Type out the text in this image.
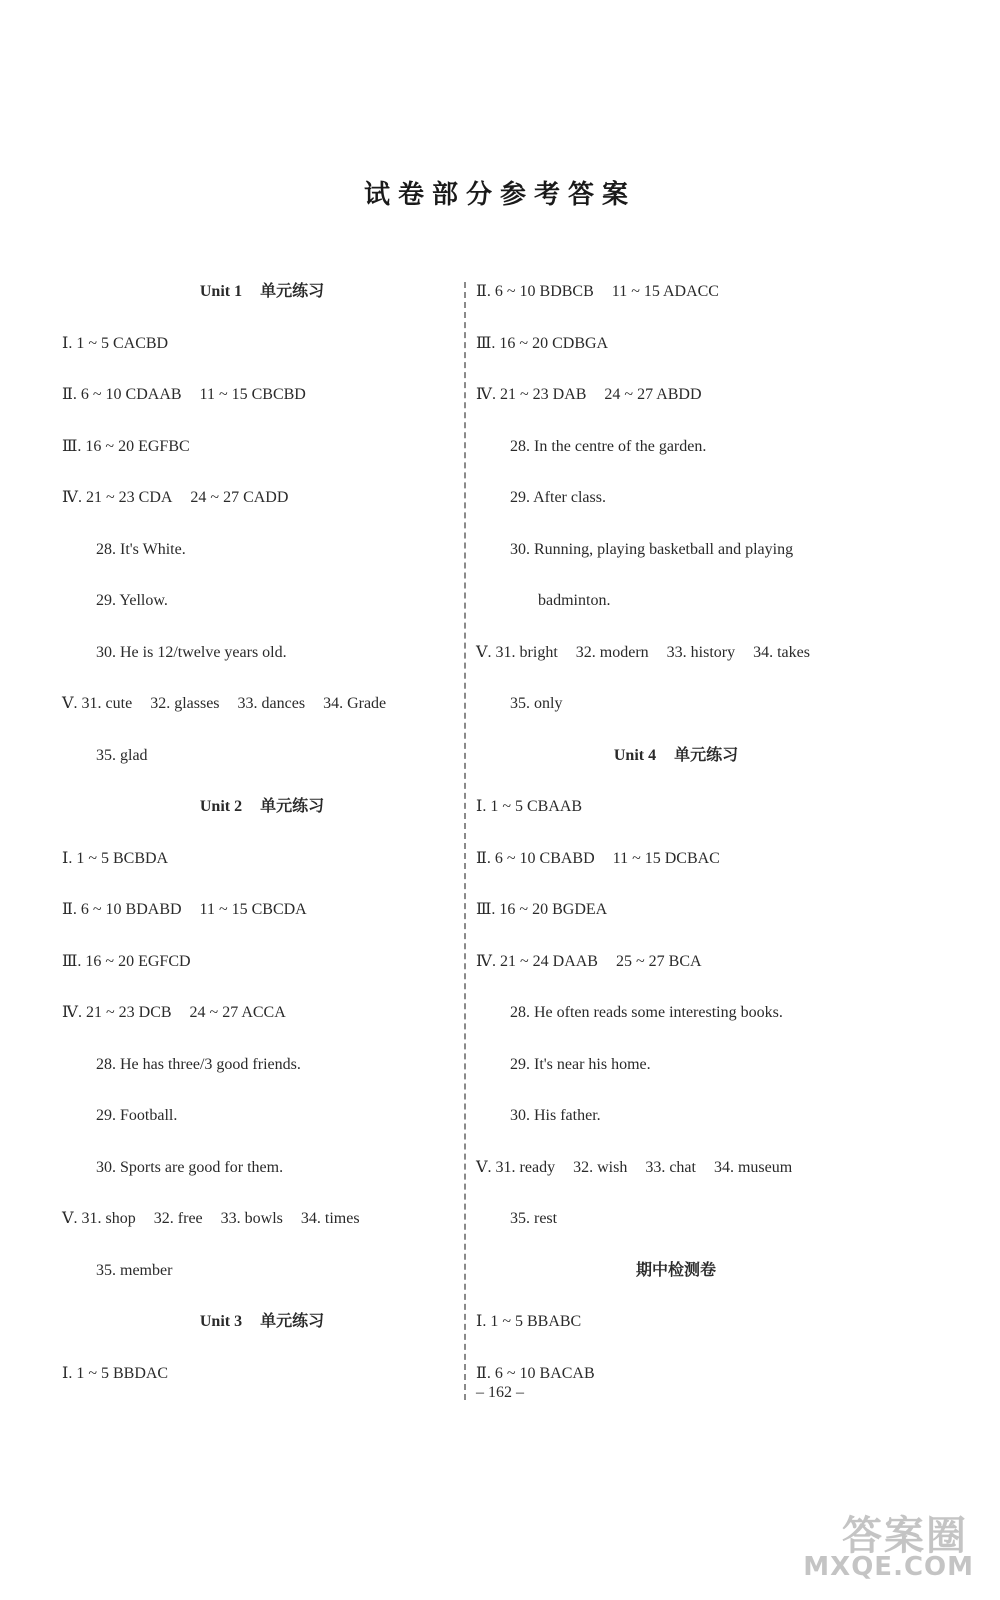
试卷部分参考答案
Unit 1 单元练习
Ⅰ. 1 ~ 5 CACBD
Ⅱ. 6 ~ 10 CDAAB 11 ~ 15 CBCBD
Ⅲ. 16 ~ 20 EGFBC
Ⅳ. 21 ~ 23 CDA 24 ~ 27 CADD
28. It's White.
29. Yellow.
30. He is 12/twelve years old.
Ⅴ. 31. cute 32. glasses 33. dances 34. Grade
35. glad
Unit 2 单元练习
Ⅰ. 1 ~ 5 BCBDA
Ⅱ. 6 ~ 10 BDABD 11 ~ 15 CBCDA
Ⅲ. 16 ~ 20 EGFCD
Ⅳ. 21 ~ 23 DCB 24 ~ 27 ACCA
28. He has three/3 good friends.
29. Football.
30. Sports are good for them.
Ⅴ. 31. shop 32. free 33. bowls 34. times
35. member
Unit 3 单元练习
Ⅰ. 1 ~ 5 BBDAC
Ⅱ. 6 ~ 10 BDBCB 11 ~ 15 ADACC
Ⅲ. 16 ~ 20 CDBGA
Ⅳ. 21 ~ 23 DAB 24 ~ 27 ABDD
28. In the centre of the garden.
29. After class.
30. Running, playing basketball and playing
badminton.
Ⅴ. 31. bright 32. modern 33. history 34. takes
35. only
Unit 4 单元练习
Ⅰ. 1 ~ 5 CBAAB
Ⅱ. 6 ~ 10 CBABD 11 ~ 15 DCBAC
Ⅲ. 16 ~ 20 BGDEA
Ⅳ. 21 ~ 24 DAAB 25 ~ 27 BCA
28. He often reads some interesting books.
29. It's near his home.
30. His father.
Ⅴ. 31. ready 32. wish 33. chat 34. museum
35. rest
期中检测卷
Ⅰ. 1 ~ 5 BBABC
Ⅱ. 6 ~ 10 BACAB
– 162 –
答案圈
MXQE.COM
